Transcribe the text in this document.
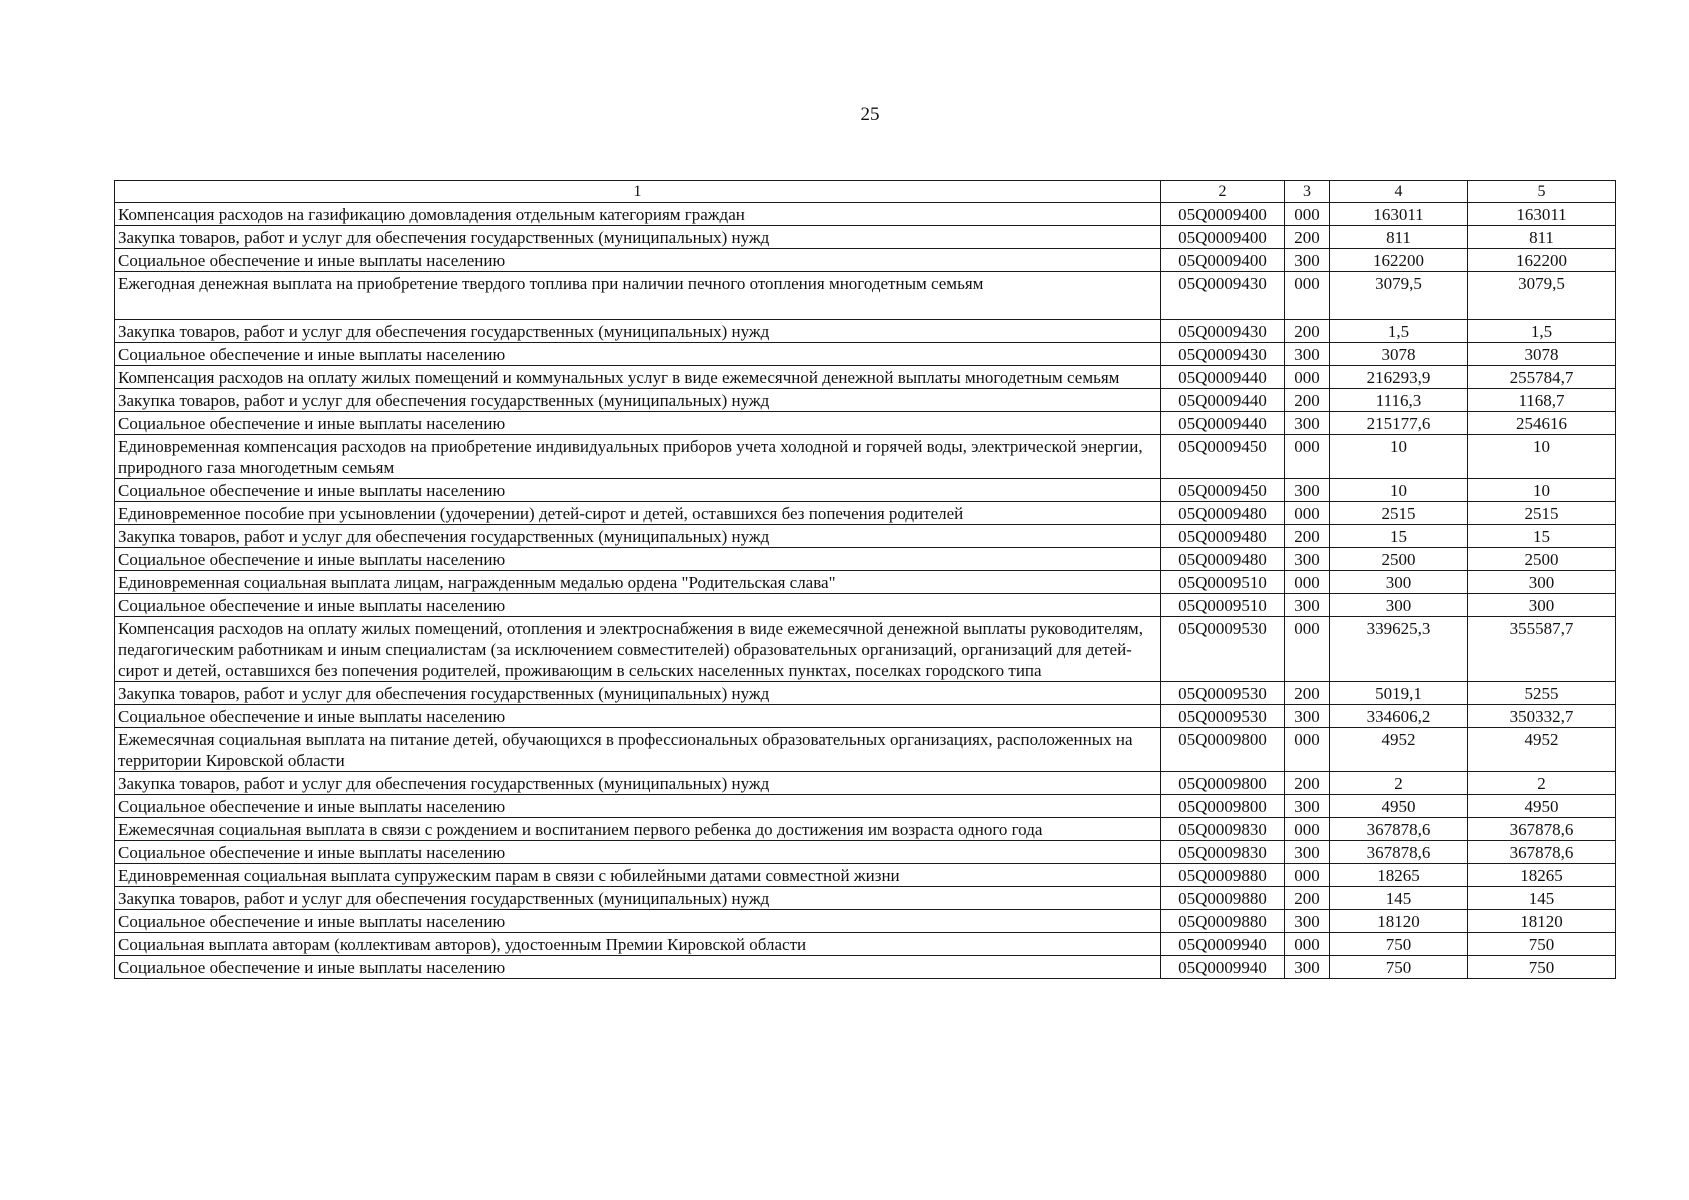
25
1	2	3	4	5
Компенсация расходов на газификацию домовладения отдельным категориям граждан	05Q0009400	000	163011	163011
Закупка товаров, работ и услуг для обеспечения государственных (муниципальных) нужд	05Q0009400	200	811	811
Социальное обеспечение и иные выплаты населению	05Q0009400	300	162200	162200
Ежегодная денежная выплата на приобретение твердого топлива при наличии печного отопления многодетным семьям	05Q0009430	000	3079,5	3079,5
Закупка товаров, работ и услуг для обеспечения государственных (муниципальных) нужд	05Q0009430	200	1,5	1,5
Социальное обеспечение и иные выплаты населению	05Q0009430	300	3078	3078
Компенсация расходов на оплату жилых помещений и коммунальных услуг в виде ежемесячной денежной выплаты многодетным семьям	05Q0009440	000	216293,9	255784,7
Закупка товаров, работ и услуг для обеспечения государственных (муниципальных) нужд	05Q0009440	200	1116,3	1168,7
Социальное обеспечение и иные выплаты населению	05Q0009440	300	215177,6	254616
Единовременная компенсация расходов на приобретение индивидуальных приборов учета холодной и горячей воды, электрической энергии, природного газа многодетным семьям	05Q0009450	000	10	10
Социальное обеспечение и иные выплаты населению	05Q0009450	300	10	10
Единовременное пособие при усыновлении (удочерении) детей-сирот и детей, оставшихся без попечения родителей	05Q0009480	000	2515	2515
Закупка товаров, работ и услуг для обеспечения государственных (муниципальных) нужд	05Q0009480	200	15	15
Социальное обеспечение и иные выплаты населению	05Q0009480	300	2500	2500
Единовременная социальная выплата лицам, награжденным медалью ордена "Родительская слава"	05Q0009510	000	300	300
Социальное обеспечение и иные выплаты населению	05Q0009510	300	300	300
Компенсация расходов на оплату жилых помещений, отопления и электроснабжения в виде ежемесячной денежной выплаты руководителям, педагогическим работникам и иным специалистам (за исключением совместителей) образовательных организаций, организаций для детей-сирот и детей, оставшихся без попечения родителей, проживающим в сельских населенных пунктах, поселках городского типа	05Q0009530	000	339625,3	355587,7
Закупка товаров, работ и услуг для обеспечения государственных (муниципальных) нужд	05Q0009530	200	5019,1	5255
Социальное обеспечение и иные выплаты населению	05Q0009530	300	334606,2	350332,7
Ежемесячная социальная выплата на питание детей, обучающихся в профессиональных образовательных организациях, расположенных на территории Кировской области	05Q0009800	000	4952	4952
Закупка товаров, работ и услуг для обеспечения государственных (муниципальных) нужд	05Q0009800	200	2	2
Социальное обеспечение и иные выплаты населению	05Q0009800	300	4950	4950
Ежемесячная социальная выплата в связи с рождением и воспитанием первого ребенка до достижения им возраста одного года	05Q0009830	000	367878,6	367878,6
Социальное обеспечение и иные выплаты населению	05Q0009830	300	367878,6	367878,6
Единовременная социальная выплата супружеским парам в связи с юбилейными датами совместной жизни	05Q0009880	000	18265	18265
Закупка товаров, работ и услуг для обеспечения государственных (муниципальных) нужд	05Q0009880	200	145	145
Социальное обеспечение и иные выплаты населению	05Q0009880	300	18120	18120
Социальная выплата авторам (коллективам авторов), удостоенным Премии Кировской области	05Q0009940	000	750	750
Социальное обеспечение и иные выплаты населению	05Q0009940	300	750	750
